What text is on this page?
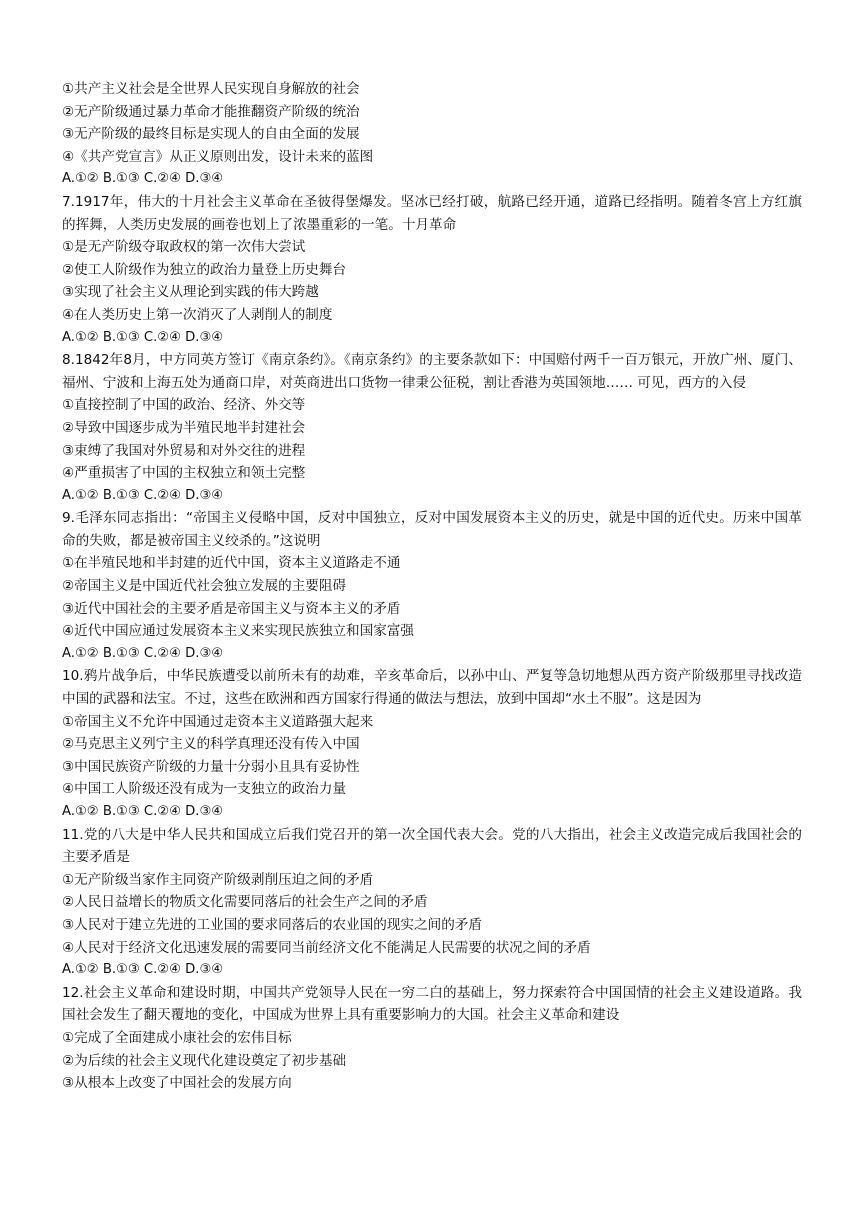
①共产主义社会是全世界人民实现自身解放的社会
②无产阶级通过暴力革命才能推翻资产阶级的统治
③无产阶级的最终目标是实现人的自由全面的发展
④《共产党宣言》从正义原则出发，设计未来的蓝图
A.①② B.①③ C.②④ D.③④
7.1917年，伟大的十月社会主义革命在圣彼得堡爆发。坚冰已经打破，航路已经开通，道路已经指明。随着冬宫上方红旗的挥舞，人类历史发展的画卷也划上了浓墨重彩的一笔。十月革命
①是无产阶级夺取政权的第一次伟大尝试
②使工人阶级作为独立的政治力量登上历史舞台
③实现了社会主义从理论到实践的伟大跨越
④在人类历史上第一次消灭了人剥削人的制度
A.①② B.①③ C.②④ D.③④
8.1842年8月，中方同英方签订《南京条约》。《南京条约》的主要条款如下：中国赔付两千一百万银元，开放广州、厦门、福州、宁波和上海五处为通商口岸，对英商进出口货物一律秉公征税，割让香港为英国领地…… 可见，西方的入侵
①直接控制了中国的政治、经济、外交等
②导致中国逐步成为半殖民地半封建社会
③束缚了我国对外贸易和对外交往的进程
④严重损害了中国的主权独立和领土完整
A.①② B.①③ C.②④ D.③④
9.毛泽东同志指出：“帝国主义侵略中国，反对中国独立，反对中国发展资本主义的历史，就是中国的近代史。历来中国革命的失败，都是被帝国主义绞杀的。”这说明
①在半殖民地和半封建的近代中国，资本主义道路走不通
②帝国主义是中国近代社会独立发展的主要阻碍
③近代中国社会的主要矛盾是帝国主义与资本主义的矛盾
④近代中国应通过发展资本主义来实现民族独立和国家富强
A.①② B.①③ C.②④ D.③④
10.鸦片战争后，中华民族遭受以前所未有的劫难，辛亥革命后，以孙中山、严复等急切地想从西方资产阶级那里寻找改造中国的武器和法宝。不过，这些在欧洲和西方国家行得通的做法与想法，放到中国却“水土不服”。这是因为
①帝国主义不允许中国通过走资本主义道路强大起来
②马克思主义列宁主义的科学真理还没有传入中国
③中国民族资产阶级的力量十分弱小且具有妥协性
④中国工人阶级还没有成为一支独立的政治力量
A.①② B.①③ C.②④ D.③④
11.党的八大是中华人民共和国成立后我们党召开的第一次全国代表大会。党的八大指出，社会主义改造完成后我国社会的主要矛盾是
①无产阶级当家作主同资产阶级剥削压迫之间的矛盾
②人民日益增长的物质文化需要同落后的社会生产之间的矛盾
③人民对于建立先进的工业国的要求同落后的农业国的现实之间的矛盾
④人民对于经济文化迅速发展的需要同当前经济文化不能满足人民需要的状况之间的矛盾
A.①② B.①③ C.②④ D.③④
12.社会主义革命和建设时期，中国共产党领导人民在一穷二白的基础上，努力探索符合中国国情的社会主义建设道路。我国社会发生了翻天覆地的变化，中国成为世界上具有重要影响力的大国。社会主义革命和建设
①完成了全面建成小康社会的宏伟目标
②为后续的社会主义现代化建设奠定了初步基础
③从根本上改变了中国社会的发展方向
